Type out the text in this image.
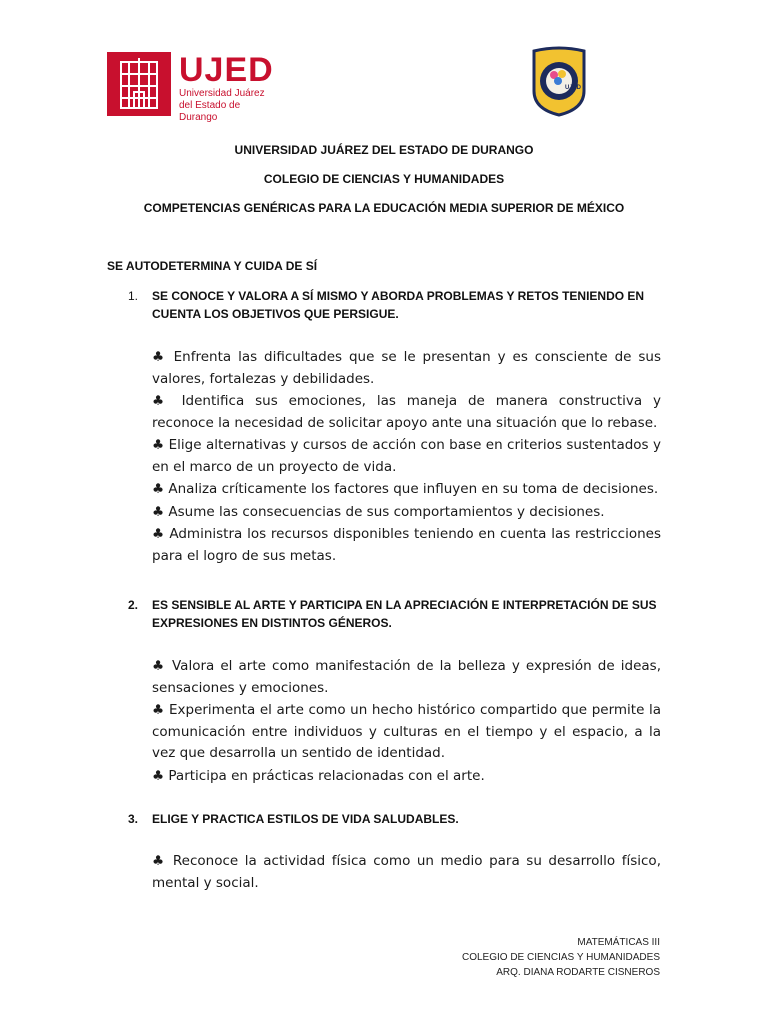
UJED
Universidad Juárez
del Estado de Durango
UJED
UNIVERSIDAD JUÁREZ DEL ESTADO DE DURANGO
COLEGIO DE CIENCIAS Y HUMANIDADES
COMPETENCIAS GENÉRICAS PARA LA EDUCACIÓN MEDIA SUPERIOR DE MÉXICO
SE AUTODETERMINA Y CUIDA DE SÍ
1.	SE CONOCE Y VALORA A SÍ MISMO Y ABORDA PROBLEMAS Y RETOS TENIENDO EN CUENTA LOS OBJETIVOS QUE PERSIGUE.

♣ Enfrenta las dificultades que se le presentan y es consciente de sus valores, fortalezas y debilidades.

♣ Identifica sus emociones, las maneja de manera constructiva y reconoce la necesidad de solicitar apoyo ante una situación que lo rebase.

♣ Elige alternativas y cursos de acción con base en criterios sustentados y en el marco de un proyecto de vida.

♣ Analiza críticamente los factores que influyen en su toma de decisiones.

♣ Asume las consecuencias de sus comportamientos y decisiones.

♣ Administra los recursos disponibles teniendo en cuenta las restricciones para el logro de sus metas.

2.	ES SENSIBLE AL ARTE Y PARTICIPA EN LA APRECIACIÓN E INTERPRETACIÓN DE SUS EXPRESIONES EN DISTINTOS GÉNEROS.

♣ Valora el arte como manifestación de la belleza y expresión de ideas, sensaciones y emociones.

♣ Experimenta el arte como un hecho histórico compartido que permite la comunicación entre individuos y culturas en el tiempo y el espacio, a la vez que desarrolla un sentido de identidad.

♣ Participa en prácticas relacionadas con el arte.

3.	ELIGE Y PRACTICA ESTILOS DE VIDA SALUDABLES.

♣ Reconoce la actividad física como un medio para su desarrollo físico, mental y social.

MATEMÁTICAS III
COLEGIO DE CIENCIAS Y HUMANIDADES
ARQ. DIANA RODARTE CISNEROS
